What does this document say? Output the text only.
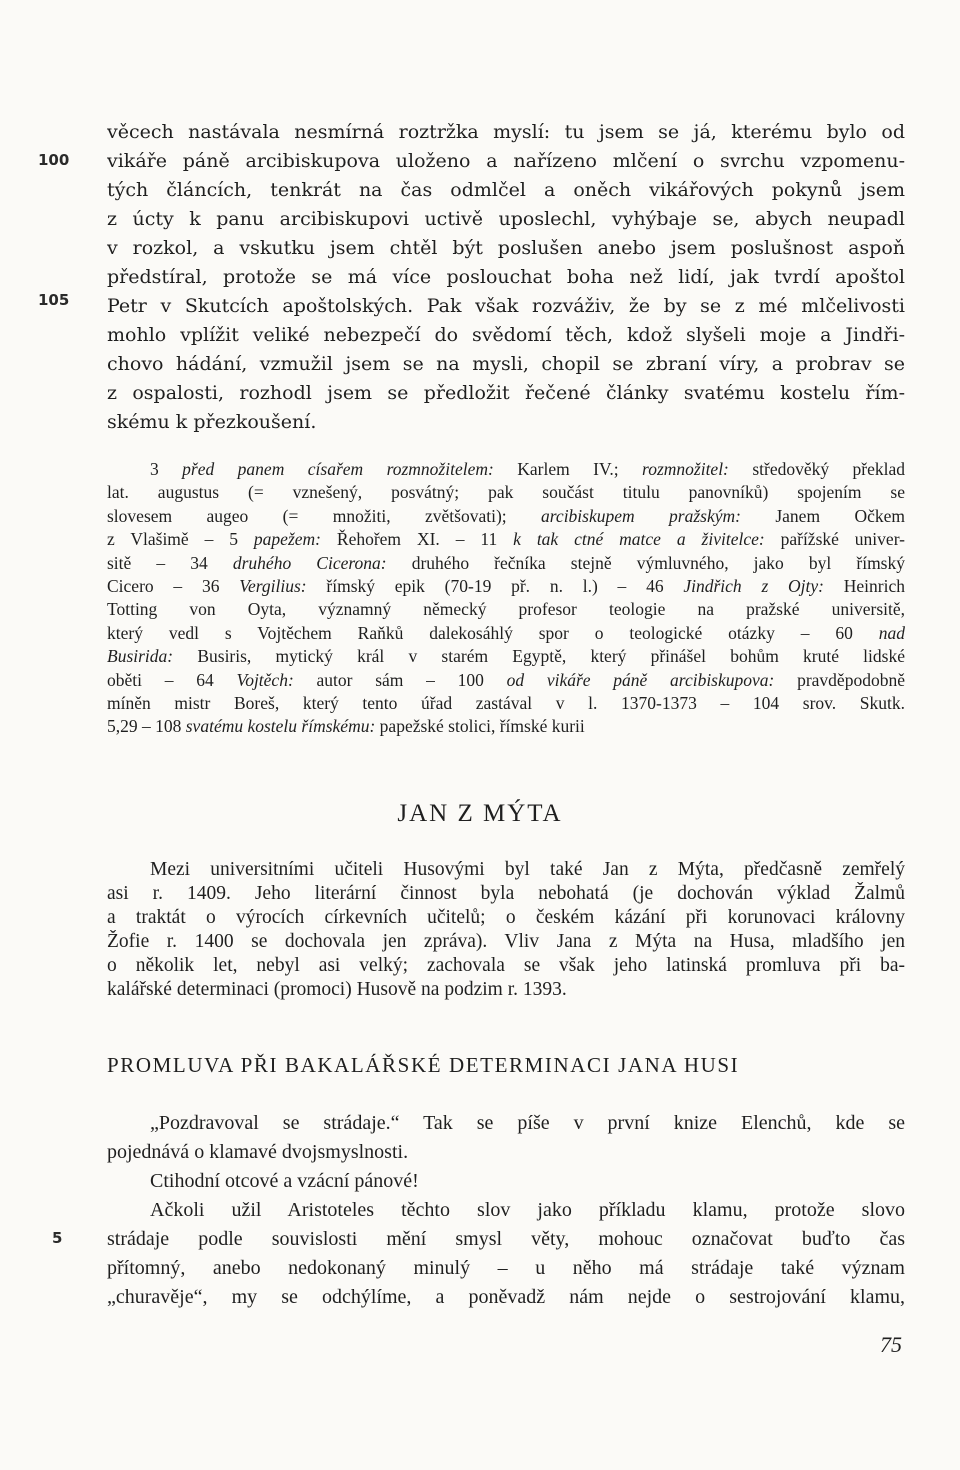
100
105
5
věcech nastávala nesmírná roztržka myslí: tu jsem se já, kterému bylo od
vikáře páně arcibiskupova uloženo a nařízeno mlčení o svrchu vzpomenu-
tých článcích, tenkrát na čas odmlčel a oněch vikářových pokynů jsem
z úcty k panu arcibiskupovi uctivě uposlechl, vyhýbaje se, abych neupadl
v rozkol, a vskutku jsem chtěl být poslušen anebo jsem poslušnost aspoň
předstíral, protože se má více poslouchat boha než lidí, jak tvrdí apoštol
Petr v Skutcích apoštolských. Pak však rozváživ, že by se z mé mlčelivosti
mohlo vplížit veliké nebezpečí do svědomí těch, kdož slyšeli moje a Jindři-
chovo hádání, vzmužil jsem se na mysli, chopil se zbraní víry, a probrav se
z ospalosti, rozhodl jsem se předložit řečené články svatému kostelu řím-
skému k přezkoušení.
3 před panem císařem rozmnožitelem: Karlem IV.; rozmnožitel: středověký překlad
lat. augustus (= vznešený, posvátný; pak součást titulu panovníků) spojením se
slovesem augeo (= množiti, zvětšovati); arcibiskupem pražským: Janem Očkem
z Vlašimě – 5 papežem: Řehořem XI. – 11 k tak ctné matce a živitelce: pařížské univer-
sitě – 34 druhého Cicerona: druhého řečníka stejně výmluvného, jako byl římský
Cicero – 36 Vergilius: římský epik (70-19 př. n. l.) – 46 Jindřich z Ojty: Heinrich
Totting von Oyta, významný německý profesor teologie na pražské universitě,
který vedl s Vojtěchem Raňků dalekosáhlý spor o teologické otázky – 60 nad
Busirida: Busiris, mytický král v starém Egyptě, který přinášel bohům kruté lidské
oběti – 64 Vojtěch: autor sám – 100 od vikáře páně arcibiskupova: pravděpodobně
míněn mistr Boreš, který tento úřad zastával v l. 1370-1373 – 104 srov. Skutk.
5,29 – 108 svatému kostelu římskému: papežské stolici, římské kurii
JAN Z MÝTA
Mezi universitními učiteli Husovými byl také Jan z Mýta, předčasně zemřelý
asi r. 1409. Jeho literární činnost byla nebohatá (je dochován výklad Žalmů
a traktát o výrocích církevních učitelů; o českém kázání při korunovaci královny
Žofie r. 1400 se dochovala jen zpráva). Vliv Jana z Mýta na Husa, mladšího jen
o několik let, nebyl asi velký; zachovala se však jeho latinská promluva při ba-
kalářské determinaci (promoci) Husově na podzim r. 1393.
PROMLUVA PŘI BAKALÁŘSKÉ DETERMINACI JANA HUSI
„Pozdravoval se strádaje.“ Tak se píše v první knize Elenchů, kde se
pojednává o klamavé dvojsmyslnosti.
Ctihodní otcové a vzácní pánové!
Ačkoli užil Aristoteles těchto slov jako příkladu klamu, protože slovo
strádaje podle souvislosti mění smysl věty, mohouc označovat buďto čas
přítomný, anebo nedokonaný minulý – u něho má strádaje také význam
„churavěje“, my se odchýlíme, a poněvadž nám nejde o sestrojování klamu,
75
